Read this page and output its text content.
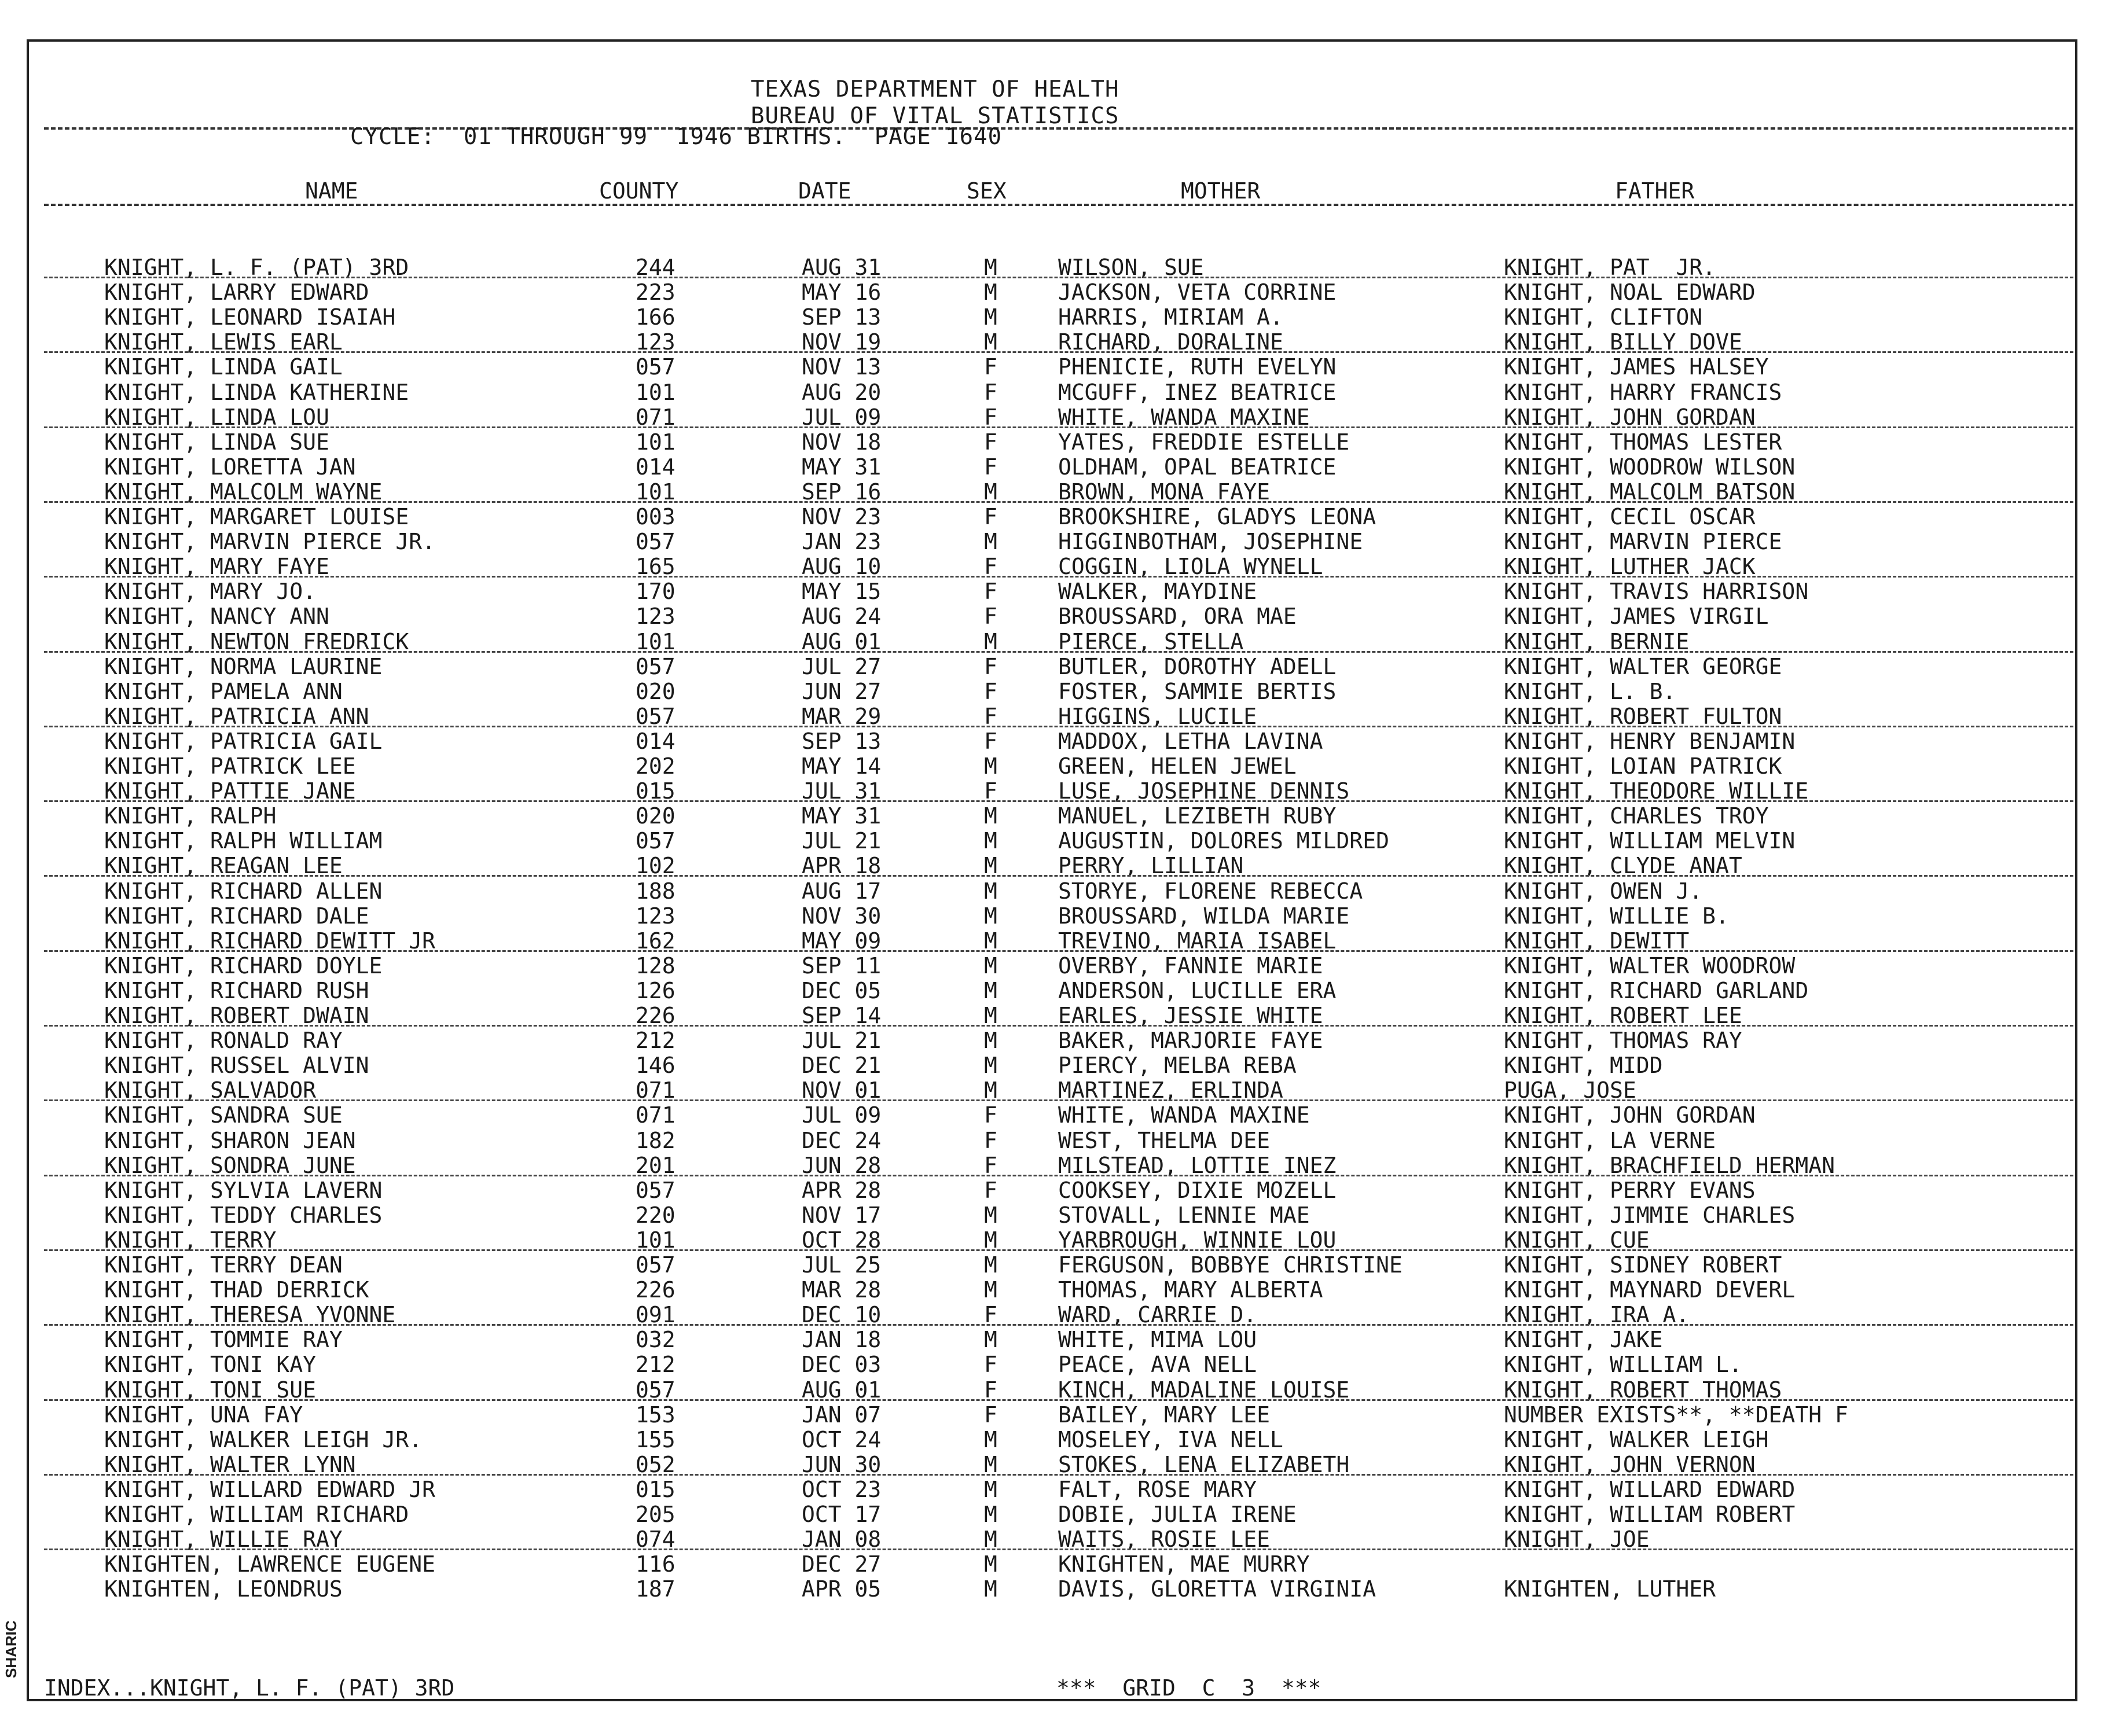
TEXAS DEPARTMENT OF HEALTH
BUREAU OF VITAL STATISTICS
CYCLE:  01 THROUGH 99  1946 BIRTHS.  PAGE 1640
NAME	COUNTY	DATE	SEX	MOTHER	FATHER
KNIGHT, L. F. (PAT) 3RD	244	AUG 31	M	WILSON, SUE	KNIGHT, PAT  JR.
KNIGHT, LARRY EDWARD	223	MAY 16	M	JACKSON, VETA CORRINE	KNIGHT, NOAL EDWARD
KNIGHT, LEONARD ISAIAH	166	SEP 13	M	HARRIS, MIRIAM A.	KNIGHT, CLIFTON
KNIGHT, LEWIS EARL	123	NOV 19	M	RICHARD, DORALINE	KNIGHT, BILLY DOVE
KNIGHT, LINDA GAIL	057	NOV 13	F	PHENICIE, RUTH EVELYN	KNIGHT, JAMES HALSEY
KNIGHT, LINDA KATHERINE	101	AUG 20	F	MCGUFF, INEZ BEATRICE	KNIGHT, HARRY FRANCIS
KNIGHT, LINDA LOU	071	JUL 09	F	WHITE, WANDA MAXINE	KNIGHT, JOHN GORDAN
KNIGHT, LINDA SUE	101	NOV 18	F	YATES, FREDDIE ESTELLE	KNIGHT, THOMAS LESTER
KNIGHT, LORETTA JAN	014	MAY 31	F	OLDHAM, OPAL BEATRICE	KNIGHT, WOODROW WILSON
KNIGHT, MALCOLM WAYNE	101	SEP 16	M	BROWN, MONA FAYE	KNIGHT, MALCOLM BATSON
KNIGHT, MARGARET LOUISE	003	NOV 23	F	BROOKSHIRE, GLADYS LEONA	KNIGHT, CECIL OSCAR
KNIGHT, MARVIN PIERCE JR.	057	JAN 23	M	HIGGINBOTHAM, JOSEPHINE	KNIGHT, MARVIN PIERCE
KNIGHT, MARY FAYE	165	AUG 10	F	COGGIN, LIOLA WYNELL	KNIGHT, LUTHER JACK
KNIGHT, MARY JO.	170	MAY 15	F	WALKER, MAYDINE	KNIGHT, TRAVIS HARRISON
KNIGHT, NANCY ANN	123	AUG 24	F	BROUSSARD, ORA MAE	KNIGHT, JAMES VIRGIL
KNIGHT, NEWTON FREDRICK	101	AUG 01	M	PIERCE, STELLA	KNIGHT, BERNIE
KNIGHT, NORMA LAURINE	057	JUL 27	F	BUTLER, DOROTHY ADELL	KNIGHT, WALTER GEORGE
KNIGHT, PAMELA ANN	020	JUN 27	F	FOSTER, SAMMIE BERTIS	KNIGHT, L. B.
KNIGHT, PATRICIA ANN	057	MAR 29	F	HIGGINS, LUCILE	KNIGHT, ROBERT FULTON
KNIGHT, PATRICIA GAIL	014	SEP 13	F	MADDOX, LETHA LAVINA	KNIGHT, HENRY BENJAMIN
KNIGHT, PATRICK LEE	202	MAY 14	M	GREEN, HELEN JEWEL	KNIGHT, LOIAN PATRICK
KNIGHT, PATTIE JANE	015	JUL 31	F	LUSE, JOSEPHINE DENNIS	KNIGHT, THEODORE WILLIE
KNIGHT, RALPH	020	MAY 31	M	MANUEL, LEZIBETH RUBY	KNIGHT, CHARLES TROY
KNIGHT, RALPH WILLIAM	057	JUL 21	M	AUGUSTIN, DOLORES MILDRED	KNIGHT, WILLIAM MELVIN
KNIGHT, REAGAN LEE	102	APR 18	M	PERRY, LILLIAN	KNIGHT, CLYDE ANAT
KNIGHT, RICHARD ALLEN	188	AUG 17	M	STORYE, FLORENE REBECCA	KNIGHT, OWEN J.
KNIGHT, RICHARD DALE	123	NOV 30	M	BROUSSARD, WILDA MARIE	KNIGHT, WILLIE B.
KNIGHT, RICHARD DEWITT JR	162	MAY 09	M	TREVINO, MARIA ISABEL	KNIGHT, DEWITT
KNIGHT, RICHARD DOYLE	128	SEP 11	M	OVERBY, FANNIE MARIE	KNIGHT, WALTER WOODROW
KNIGHT, RICHARD RUSH	126	DEC 05	M	ANDERSON, LUCILLE ERA	KNIGHT, RICHARD GARLAND
KNIGHT, ROBERT DWAIN	226	SEP 14	M	EARLES, JESSIE WHITE	KNIGHT, ROBERT LEE
KNIGHT, RONALD RAY	212	JUL 21	M	BAKER, MARJORIE FAYE	KNIGHT, THOMAS RAY
KNIGHT, RUSSEL ALVIN	146	DEC 21	M	PIERCY, MELBA REBA	KNIGHT, MIDD
KNIGHT, SALVADOR	071	NOV 01	M	MARTINEZ, ERLINDA	PUGA, JOSE
KNIGHT, SANDRA SUE	071	JUL 09	F	WHITE, WANDA MAXINE	KNIGHT, JOHN GORDAN
KNIGHT, SHARON JEAN	182	DEC 24	F	WEST, THELMA DEE	KNIGHT, LA VERNE
KNIGHT, SONDRA JUNE	201	JUN 28	F	MILSTEAD, LOTTIE INEZ	KNIGHT, BRACHFIELD HERMAN
KNIGHT, SYLVIA LAVERN	057	APR 28	F	COOKSEY, DIXIE MOZELL	KNIGHT, PERRY EVANS
KNIGHT, TEDDY CHARLES	220	NOV 17	M	STOVALL, LENNIE MAE	KNIGHT, JIMMIE CHARLES
KNIGHT, TERRY	101	OCT 28	M	YARBROUGH, WINNIE LOU	KNIGHT, CUE
KNIGHT, TERRY DEAN	057	JUL 25	M	FERGUSON, BOBBYE CHRISTINE	KNIGHT, SIDNEY ROBERT
KNIGHT, THAD DERRICK	226	MAR 28	M	THOMAS, MARY ALBERTA	KNIGHT, MAYNARD DEVERL
KNIGHT, THERESA YVONNE	091	DEC 10	F	WARD, CARRIE D.	KNIGHT, IRA A.
KNIGHT, TOMMIE RAY	032	JAN 18	M	WHITE, MIMA LOU	KNIGHT, JAKE
KNIGHT, TONI KAY	212	DEC 03	F	PEACE, AVA NELL	KNIGHT, WILLIAM L.
KNIGHT, TONI SUE	057	AUG 01	F	KINCH, MADALINE LOUISE	KNIGHT, ROBERT THOMAS
KNIGHT, UNA FAY	153	JAN 07	F	BAILEY, MARY LEE	NUMBER EXISTS**, **DEATH F
KNIGHT, WALKER LEIGH JR.	155	OCT 24	M	MOSELEY, IVA NELL	KNIGHT, WALKER LEIGH
KNIGHT, WALTER LYNN	052	JUN 30	M	STOKES, LENA ELIZABETH	KNIGHT, JOHN VERNON
KNIGHT, WILLARD EDWARD JR	015	OCT 23	M	FALT, ROSE MARY	KNIGHT, WILLARD EDWARD
KNIGHT, WILLIAM RICHARD	205	OCT 17	M	DOBIE, JULIA IRENE	KNIGHT, WILLIAM ROBERT
KNIGHT, WILLIE RAY	074	JAN 08	M	WAITS, ROSIE LEE	KNIGHT, JOE
KNIGHTEN, LAWRENCE EUGENE	116	DEC 27	M	KNIGHTEN, MAE MURRY
KNIGHTEN, LEONDRUS	187	APR 05	M	DAVIS, GLORETTA VIRGINIA	KNIGHTEN, LUTHER
INDEX...KNIGHT, L. F. (PAT) 3RD	***  GRID  C  3  ***
SHARIC
